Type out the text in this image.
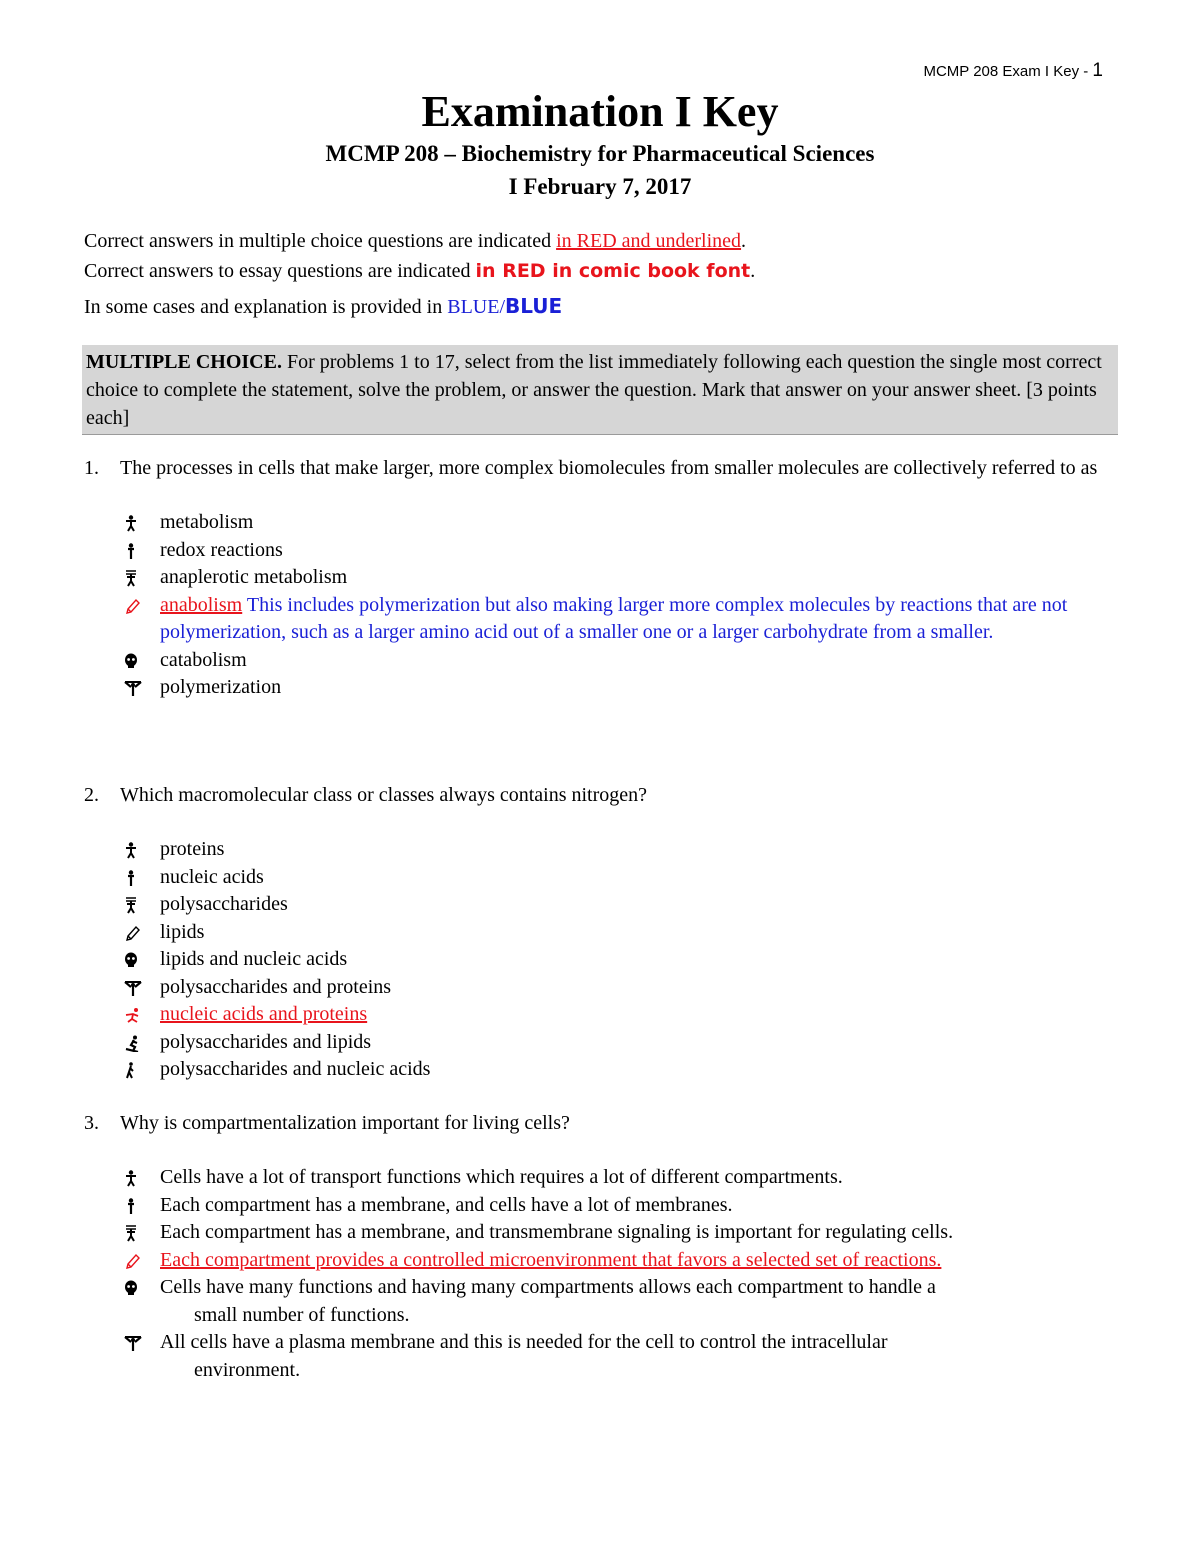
MCMP 208 Exam I Key - 1
Examination I Key
MCMP 208 – Biochemistry for Pharmaceutical Sciences
I February 7, 2017
Correct answers in multiple choice questions are indicated in RED and underlined.
Correct answers to essay questions are indicated in RED in comic book font.
In some cases and explanation is provided in BLUE/BLUE
MULTIPLE CHOICE. For problems 1 to 17, select from the list immediately following each question the single most correct choice to complete the statement, solve the problem, or answer the question. Mark that answer on your answer sheet. [3 points each]
1.	The processes in cells that make larger, more complex biomolecules from smaller molecules are collectively referred to as
metabolism
redox reactions
anaplerotic metabolism
anabolism This includes polymerization but also making larger more complex molecules by reactions that are not polymerization, such as a larger amino acid out of a smaller one or a larger carbohydrate from a smaller.
catabolism
polymerization
2.	Which macromolecular class or classes always contains nitrogen?
proteins
nucleic acids
polysaccharides
lipids
lipids and nucleic acids
polysaccharides and proteins
nucleic acids and proteins
polysaccharides and lipids
polysaccharides and nucleic acids
3.	Why is compartmentalization important for living cells?
Cells have a lot of transport functions which requires a lot of different compartments.
Each compartment has a membrane, and cells have a lot of membranes.
Each compartment has a membrane, and transmembrane signaling is important for regulating cells.
Each compartment provides a controlled microenvironment that favors a selected set of reactions.
Cells have many functions and having many compartments allows each compartment to handle a
small number of functions.
All cells have a plasma membrane and this is needed for the cell to control the intracellular
environment.
